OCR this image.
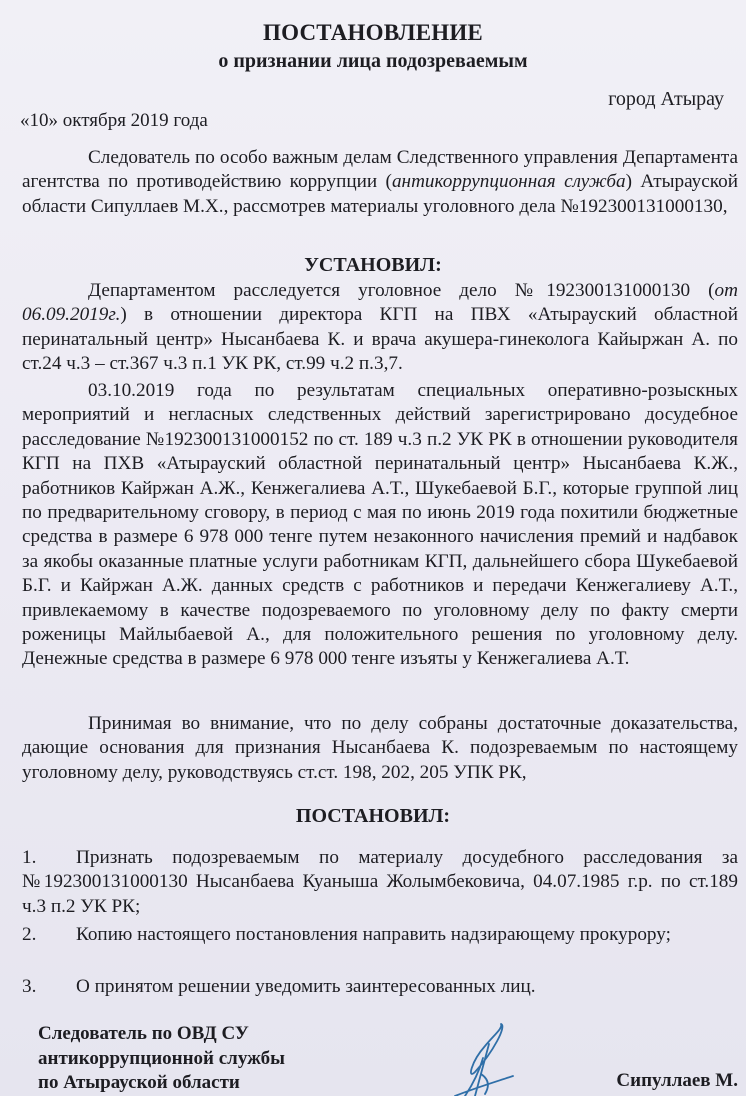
ПОСТАНОВЛЕНИЕ
о признании лица подозреваемым
город Атырау
«10» октября 2019 года
Следователь по особо важным делам Следственного управления Департамента агентства по противодействию коррупции (антикоррупционная служба) Атырауской области Сипуллаев М.Х., рассмотрев материалы уголовного дела №192300131000130,
УСТАНОВИЛ:
Департаментом расследуется уголовное дело №192300131000130 (от 06.09.2019г.) в отношении директора КГП на ПВХ «Атырауский областной перинатальный центр» Нысанбаева К. и врача акушера-гинеколога Кайыржан А. по ст.24 ч.3 – ст.367 ч.3 п.1 УК РК, ст.99 ч.2 п.3,7.
03.10.2019 года по результатам специальных оперативно-розыскных мероприятий и негласных следственных действий зарегистрировано досудебное расследование №192300131000152 по ст. 189 ч.3 п.2 УК РК в отношении руководителя КГП на ПХВ «Атырауский областной перинатальный центр» Нысанбаева К.Ж., работников Кайржан А.Ж., Кенжегалиева А.Т., Шукебаевой Б.Г., которые группой лиц по предварительному сговору, в период с мая по июнь 2019 года похитили бюджетные средства в размере 6 978 000 тенге путем незаконного начисления премий и надбавок за якобы оказанные платные услуги работникам КГП, дальнейшего сбора Шукебаевой Б.Г. и Кайржан А.Ж. данных средств с работников и передачи Кенжегалиеву А.Т., привлекаемому в качестве подозреваемого по уголовному делу по факту смерти роженицы Майлыбаевой А., для положительного решения по уголовному делу. Денежные средства в размере 6 978 000 тенге изъяты у Кенжегалиева А.Т.
Принимая во внимание, что по делу собраны достаточные доказательства, дающие основания для признания Нысанбаева К. подозреваемым по настоящему уголовному делу, руководствуясь ст.ст. 198, 202, 205 УПК РК,
ПОСТАНОВИЛ:
1. Признать подозреваемым по материалу досудебного расследования за №192300131000130 Нысанбаева Куаныша Жолымбековича, 04.07.1985 г.р. по ст.189 ч.3 п.2 УК РК;
2. Копию настоящего постановления направить надзирающему прокурору;
3. О принятом решении уведомить заинтересованных лиц.
Следователь по ОВД СУ
антикоррупционной службы
по Атырауской области	Сипуллаев М.
